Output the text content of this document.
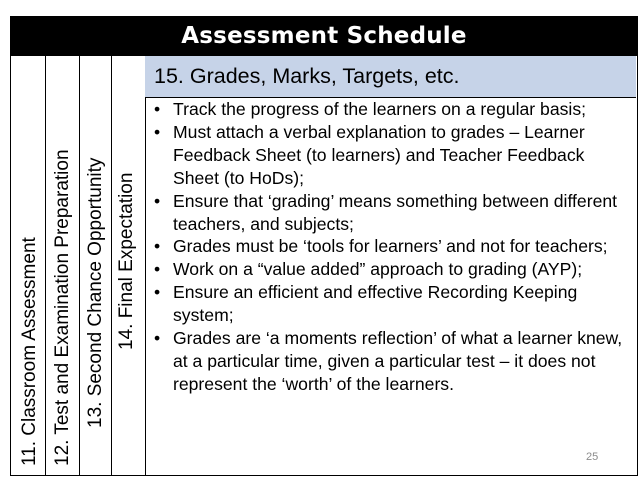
Assessment Schedule
11. Classroom Assessment 12. Test and Examination Preparation 13. Second Chance Opportunity 14. Final Expectation
15. Grades, Marks, Targets, etc.
• Track the progress of the learners on a regular basis;
• Must attach a verbal explanation to grades – Learner Feedback Sheet (to learners) and Teacher Feedback Sheet (to HoDs);
• Ensure that ‘grading’ means something between different teachers, and subjects;
• Grades must be ‘tools for learners’ and not for teachers;
• Work on a “value added” approach to grading (AYP);
• Ensure an efficient and effective Recording Keeping system;
• Grades are ‘a moments reflection’ of what a learner knew, at a particular time, given a particular test – it does not represent the ‘worth’ of the learners.
25
